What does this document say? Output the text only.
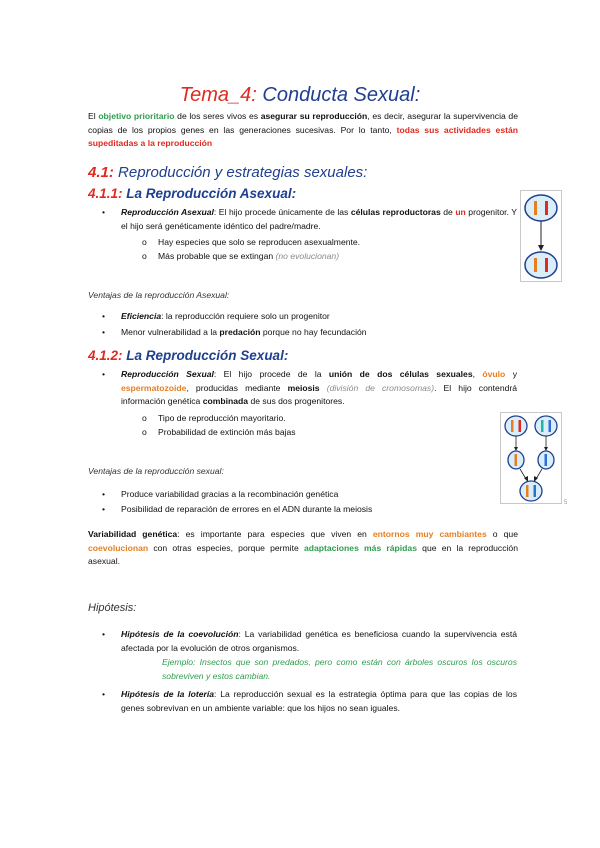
Tema_4: Conducta Sexual:
El objetivo prioritario de los seres vivos es asegurar su reproducción, es decir, asegurar la supervivencia de copias de los propios genes en las generaciones sucesivas. Por lo tanto, todas sus actividades están supeditadas a la reproducción
4.1: Reproducción y estrategias sexuales:
4.1.1: La Reproducción Asexual:
• Reproducción Asexual: El hijo procede únicamente de las células reproductoras de un progenitor. Y el hijo será genéticamente idéntico del padre/madre.
o Hay especies que solo se reproducen asexualmente.
o Más probable que se extingan (no evolucionan)
Ventajas de la reproducción Asexual:
• Eficiencia: la reproducción requiere solo un progenitor
• Menor vulnerabilidad a la predación porque no hay fecundación
4.1.2: La Reproducción Sexual:
• Reproducción Sexual: El hijo procede de la unión de dos células sexuales, óvulo y espermatozoide, producidas mediante meiosis (división de cromosomas). El hijo contendrá información genética combinada de sus dos progenitores.
o Tipo de reproducción mayoritario.
o Probabilidad de extinción más bajas
5
Ventajas de la reproducción sexual:
• Produce variabilidad gracias a la recombinación genética
• Posibilidad de reparación de errores en el ADN durante la meiosis
Variabilidad genética: es importante para especies que viven en entornos muy cambiantes o que coevolucionan con otras especies, porque permite adaptaciones más rápidas que en la reproducción asexual.
Hipótesis:
• Hipótesis de la coevolución: La variabilidad genética es beneficiosa cuando la supervivencia está afectada por la evolución de otros organismos.
Ejemplo: Insectos que son predados, pero como están con árboles oscuros los oscuros sobreviven y estos cambian.
• Hipótesis de la lotería: La reproducción sexual es la estrategia óptima para que las copias de los genes sobrevivan en un ambiente variable: que los hijos no sean iguales.
